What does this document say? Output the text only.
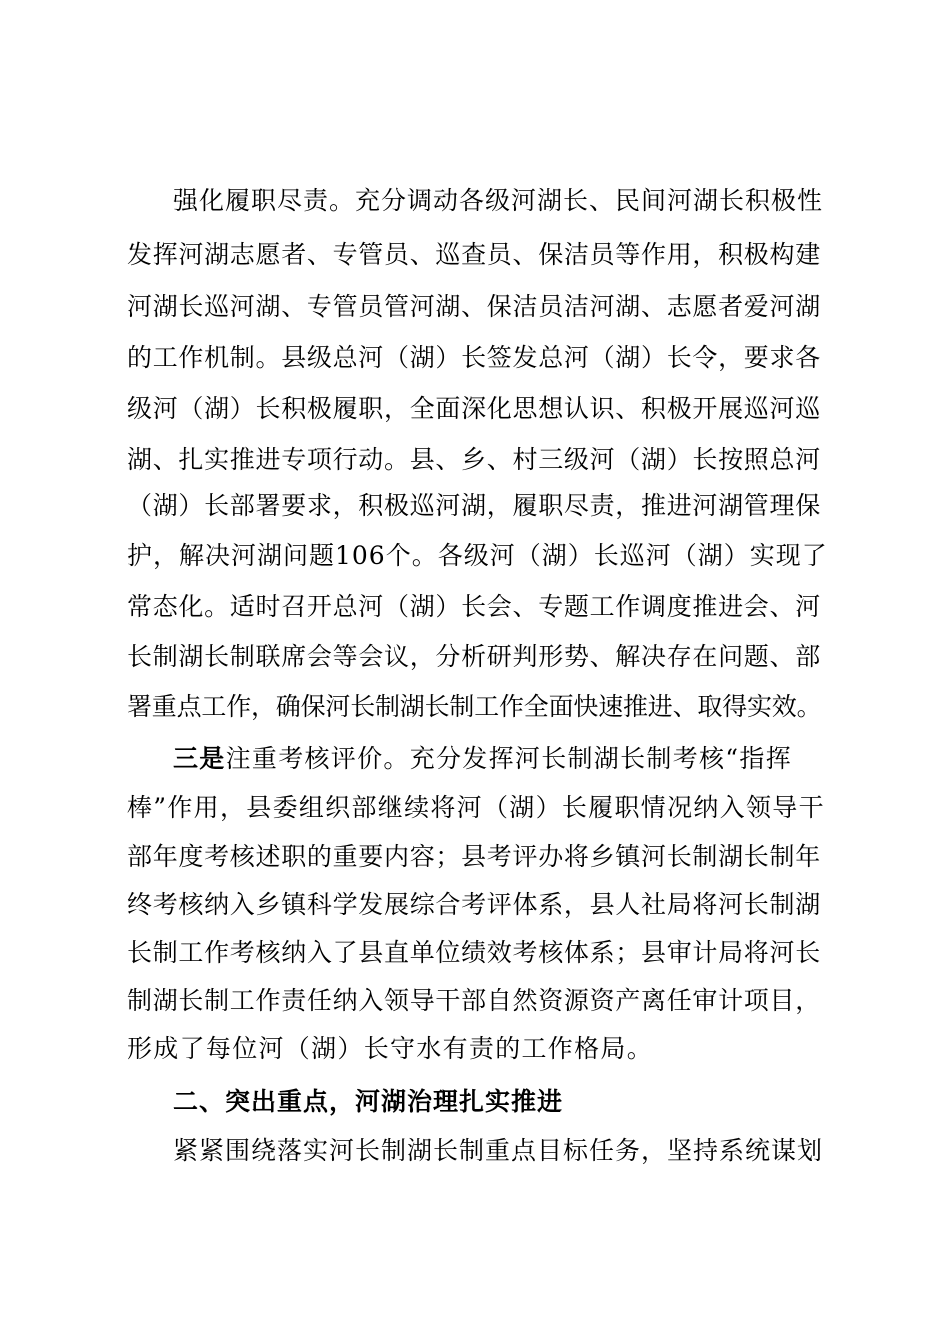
强化履职尽责。充分调动各级河湖长、民间河湖长积极性
发挥河湖志愿者、专管员、巡查员、保洁员等作用，积极构建
河湖长巡河湖、专管员管河湖、保洁员洁河湖、志愿者爱河湖
的工作机制。县级总河（湖）长签发总河（湖）长令，要求各
级河（湖）长积极履职，全面深化思想认识、积极开展巡河巡
湖、扎实推进专项行动。县、乡、村三级河（湖）长按照总河
（湖）长部署要求，积极巡河湖，履职尽责，推进河湖管理保
护，解决河湖问题106个。各级河（湖）长巡河（湖）实现了
常态化。适时召开总河（湖）长会、专题工作调度推进会、河
长制湖长制联席会等会议，分析研判形势、解决存在问题、部
署重点工作，确保河长制湖长制工作全面快速推进、取得实效。
三是注重考核评价。充分发挥河长制湖长制考核“指挥
棒”作用，县委组织部继续将河（湖）长履职情况纳入领导干
部年度考核述职的重要内容；县考评办将乡镇河长制湖长制年
终考核纳入乡镇科学发展综合考评体系，县人社局将河长制湖
长制工作考核纳入了县直单位绩效考核体系；县审计局将河长
制湖长制工作责任纳入领导干部自然资源资产离任审计项目，
形成了每位河（湖）长守水有责的工作格局。
二、突出重点，河湖治理扎实推进
紧紧围绕落实河长制湖长制重点目标任务，坚持系统谋划
